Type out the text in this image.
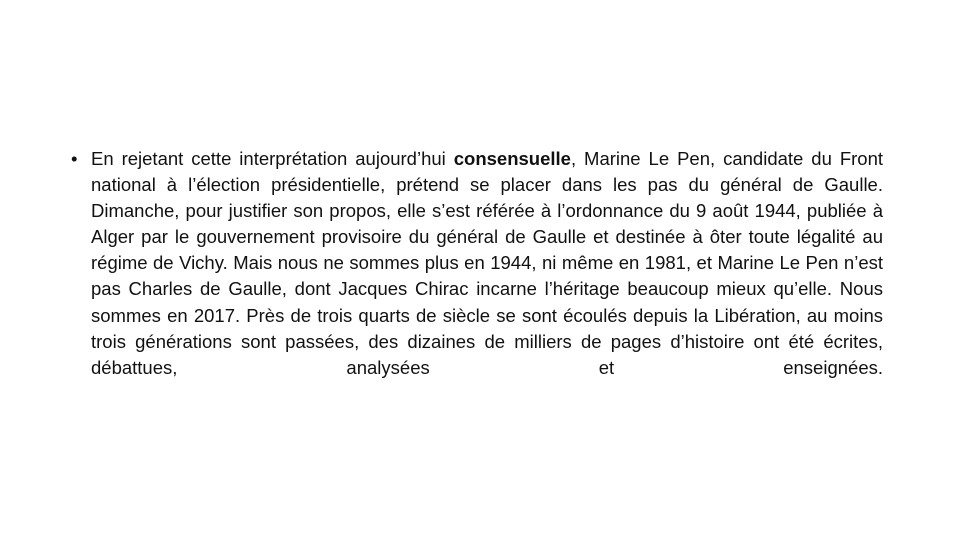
• En rejetant cette interprétation aujourd’hui consensuelle, Marine Le Pen, candidate du Front national à l’élection présidentielle, prétend se placer dans les pas du général de Gaulle. Dimanche, pour justifier son propos, elle s’est référée à l’ordonnance du 9 août 1944, publiée à Alger par le gouvernement provisoire du général de Gaulle et destinée à ôter toute légalité au régime de Vichy. Mais nous ne sommes plus en 1944, ni même en 1981, et Marine Le Pen n’est pas Charles de Gaulle, dont Jacques Chirac incarne l’héritage beaucoup mieux qu’elle. Nous sommes en 2017. Près de trois quarts de siècle se sont écoulés depuis la Libération, au moins trois générations sont passées, des dizaines de milliers de pages d’histoire ont été écrites, débattues, analysées et enseignées.
